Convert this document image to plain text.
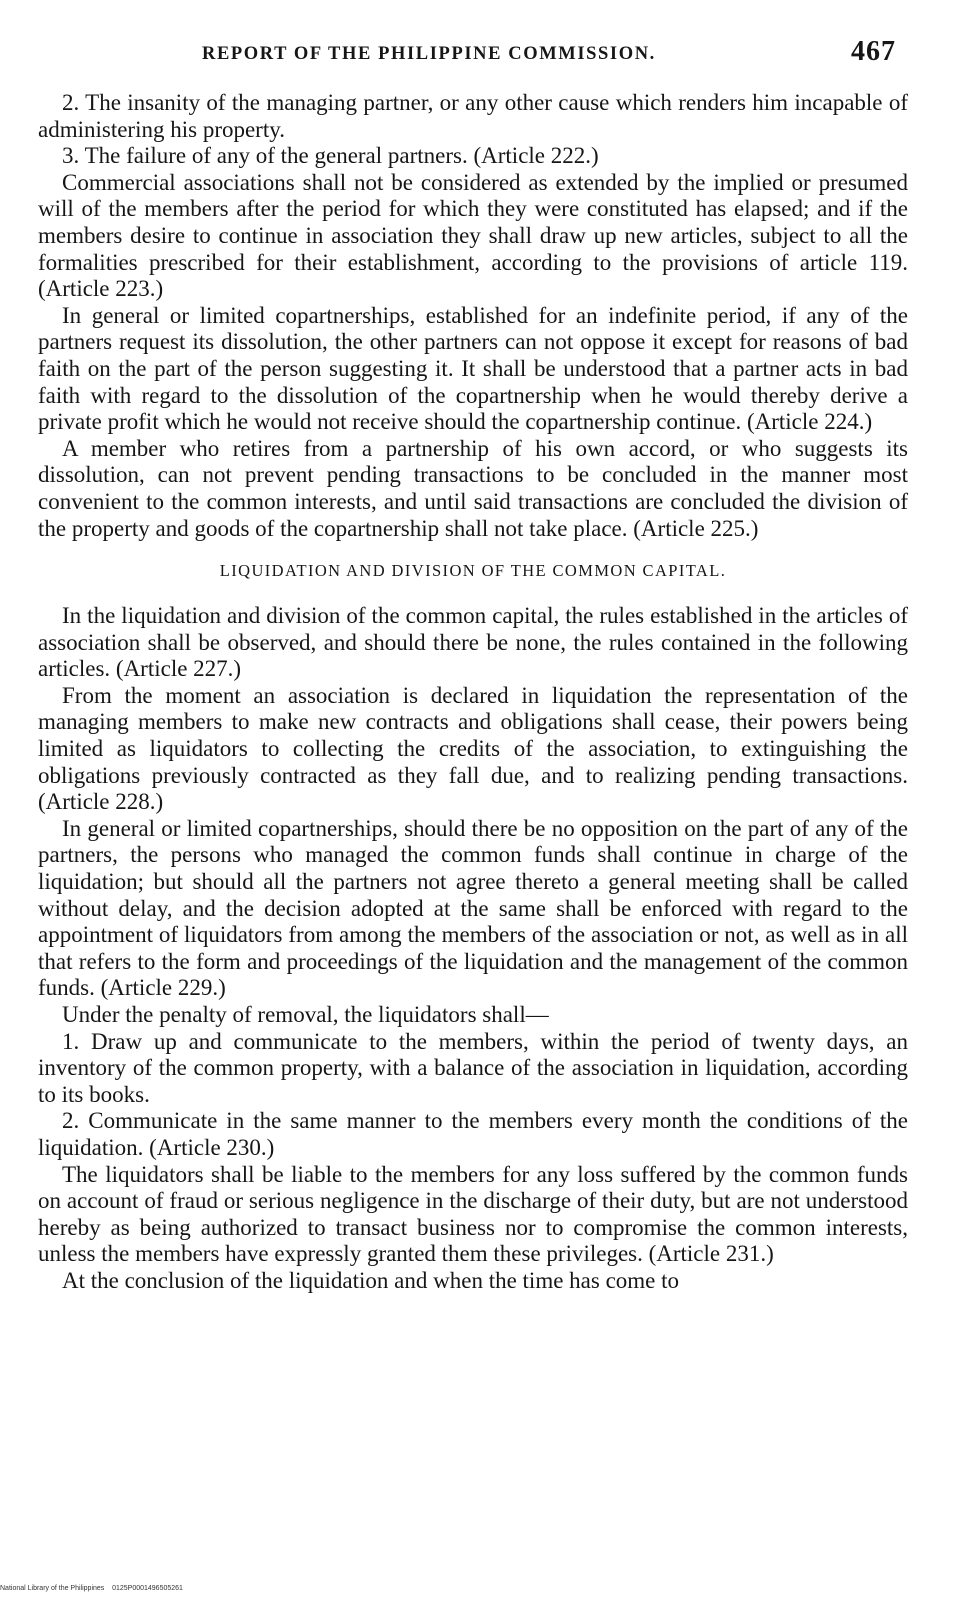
REPORT OF THE PHILIPPINE COMMISSION.	467

2. The insanity of the managing partner, or any other cause which renders him incapable of administering his property.

3. The failure of any of the general partners. (Article 222.)

Commercial associations shall not be considered as extended by the implied or presumed will of the members after the period for which they were constituted has elapsed; and if the members desire to continue in association they shall draw up new articles, subject to all the formalities prescribed for their establishment, according to the provisions of article 119. (Article 223.)

In general or limited copartnerships, established for an indefinite period, if any of the partners request its dissolution, the other partners can not oppose it except for reasons of bad faith on the part of the person suggesting it. It shall be understood that a partner acts in bad faith with regard to the dissolution of the copartnership when he would thereby derive a private profit which he would not receive should the copartnership continue. (Article 224.)

A member who retires from a partnership of his own accord, or who suggests its dissolution, can not prevent pending transactions to be concluded in the manner most convenient to the common interests, and until said transactions are concluded the division of the property and goods of the copartnership shall not take place. (Article 225.)

LIQUIDATION AND DIVISION OF THE COMMON CAPITAL.

In the liquidation and division of the common capital, the rules established in the articles of association shall be observed, and should there be none, the rules contained in the following articles. (Article 227.)

From the moment an association is declared in liquidation the representation of the managing members to make new contracts and obligations shall cease, their powers being limited as liquidators to collecting the credits of the association, to extinguishing the obligations previously contracted as they fall due, and to realizing pending transactions. (Article 228.)

In general or limited copartnerships, should there be no opposition on the part of any of the partners, the persons who managed the common funds shall continue in charge of the liquidation; but should all the partners not agree thereto a general meeting shall be called without delay, and the decision adopted at the same shall be enforced with regard to the appointment of liquidators from among the members of the association or not, as well as in all that refers to the form and proceedings of the liquidation and the management of the common funds. (Article 229.)

Under the penalty of removal, the liquidators shall—

1. Draw up and communicate to the members, within the period of twenty days, an inventory of the common property, with a balance of the association in liquidation, according to its books.

2. Communicate in the same manner to the members every month the conditions of the liquidation. (Article 230.)

The liquidators shall be liable to the members for any loss suffered by the common funds on account of fraud or serious negligence in the discharge of their duty, but are not understood hereby as being authorized to transact business nor to compromise the common interests, unless the members have expressly granted them these privileges. (Article 231.)

At the conclusion of the liquidation and when the time has come to

National Library of the Philippines 0125P0001496505261
